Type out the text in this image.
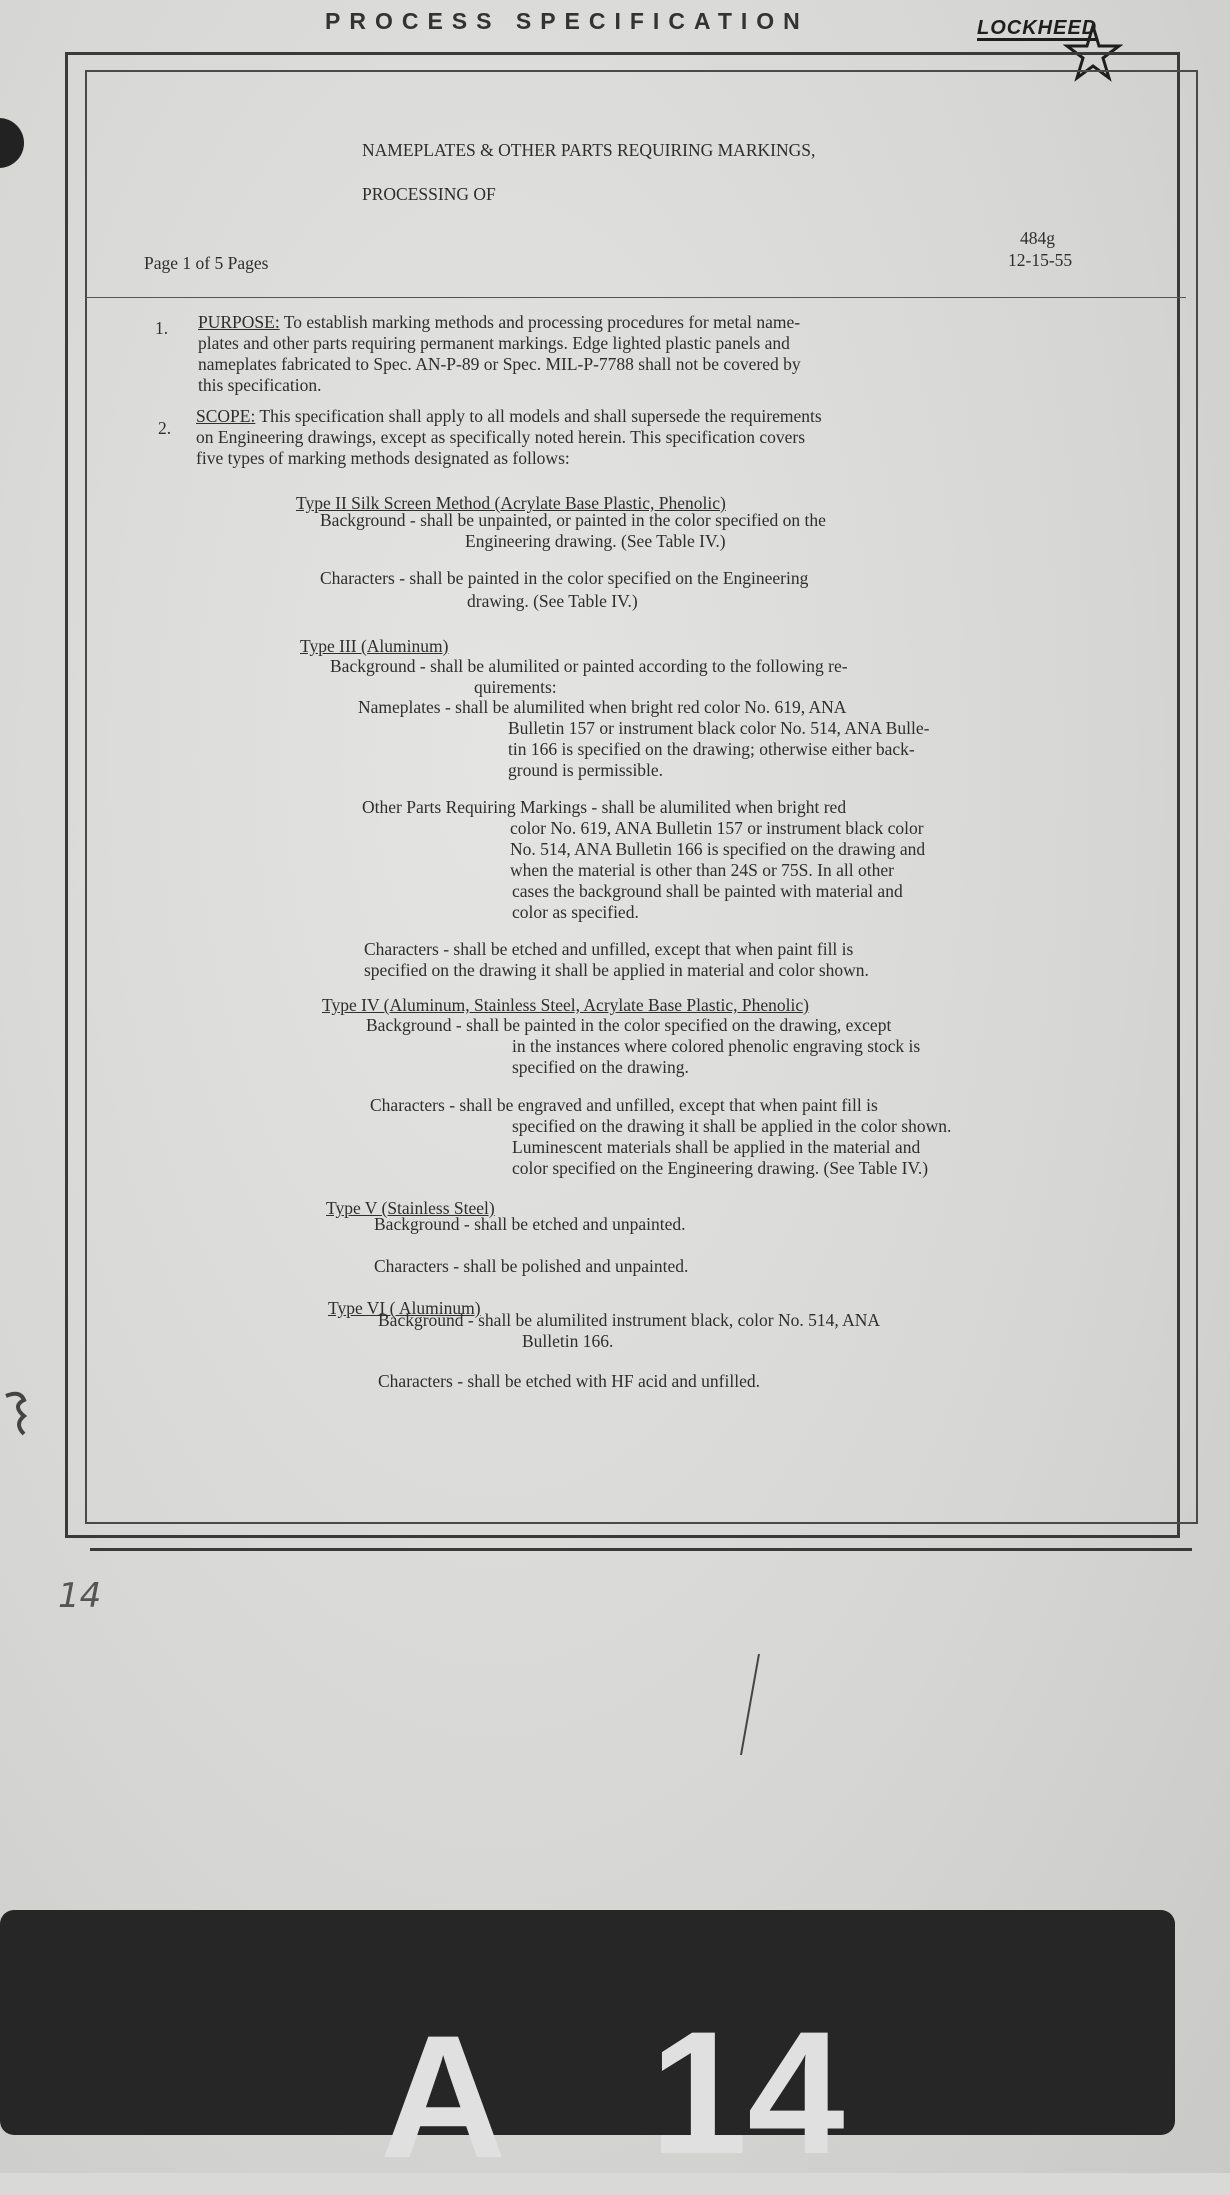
PROCESS SPECIFICATION	LOCKHEED
NAMEPLATES & OTHER PARTS REQUIRING MARKINGS,
PROCESSING OF
Page 1 of 5 Pages
484g
12-15-55
1. PURPOSE: To establish marking methods and processing procedures for metal name-
plates and other parts requiring permanent markings. Edge lighted plastic panels and
nameplates fabricated to Spec. AN-P-89 or Spec. MIL-P-7788 shall not be covered by
this specification.
2.
SCOPE: This specification shall apply to all models and shall supersede the requirements
on Engineering drawings, except as specifically noted herein. This specification covers
five types of marking methods designated as follows:
Type II Silk Screen Method (Acrylate Base Plastic, Phenolic)
Background - shall be unpainted, or painted in the color specified on the
Engineering drawing. (See Table IV.)
Characters - shall be painted in the color specified on the Engineering
drawing. (See Table IV.)
Type III (Aluminum)
Background - shall be alumilited or painted according to the following re-
quirements:
Nameplates - shall be alumilited when bright red color No. 619, ANA
Bulletin 157 or instrument black color No. 514, ANA Bulle-
tin 166 is specified on the drawing; otherwise either back-
ground is permissible.
Other Parts Requiring Markings - shall be alumilited when bright red
color No. 619, ANA Bulletin 157 or instrument black color
No. 514, ANA Bulletin 166 is specified on the drawing and
when the material is other than 24S or 75S. In all other
cases the background shall be painted with material and
color as specified.
Characters - shall be etched and unfilled, except that when paint fill is
specified on the drawing it shall be applied in material and color shown.
Type IV (Aluminum, Stainless Steel, Acrylate Base Plastic, Phenolic)
Background - shall be painted in the color specified on the drawing, except
in the instances where colored phenolic engraving stock is
specified on the drawing.
Characters - shall be engraved and unfilled, except that when paint fill is
specified on the drawing it shall be applied in the color shown.
Luminescent materials shall be applied in the material and
color specified on the Engineering drawing. (See Table IV.)
Type V (Stainless Steel)
Background - shall be etched and unpainted.
Characters - shall be polished and unpainted.
Type VI ( Aluminum)
Background - shall be alumilited instrument black, color No. 514, ANA
Bulletin 166.
Characters - shall be etched with HF acid and unfilled.
14
A 14
